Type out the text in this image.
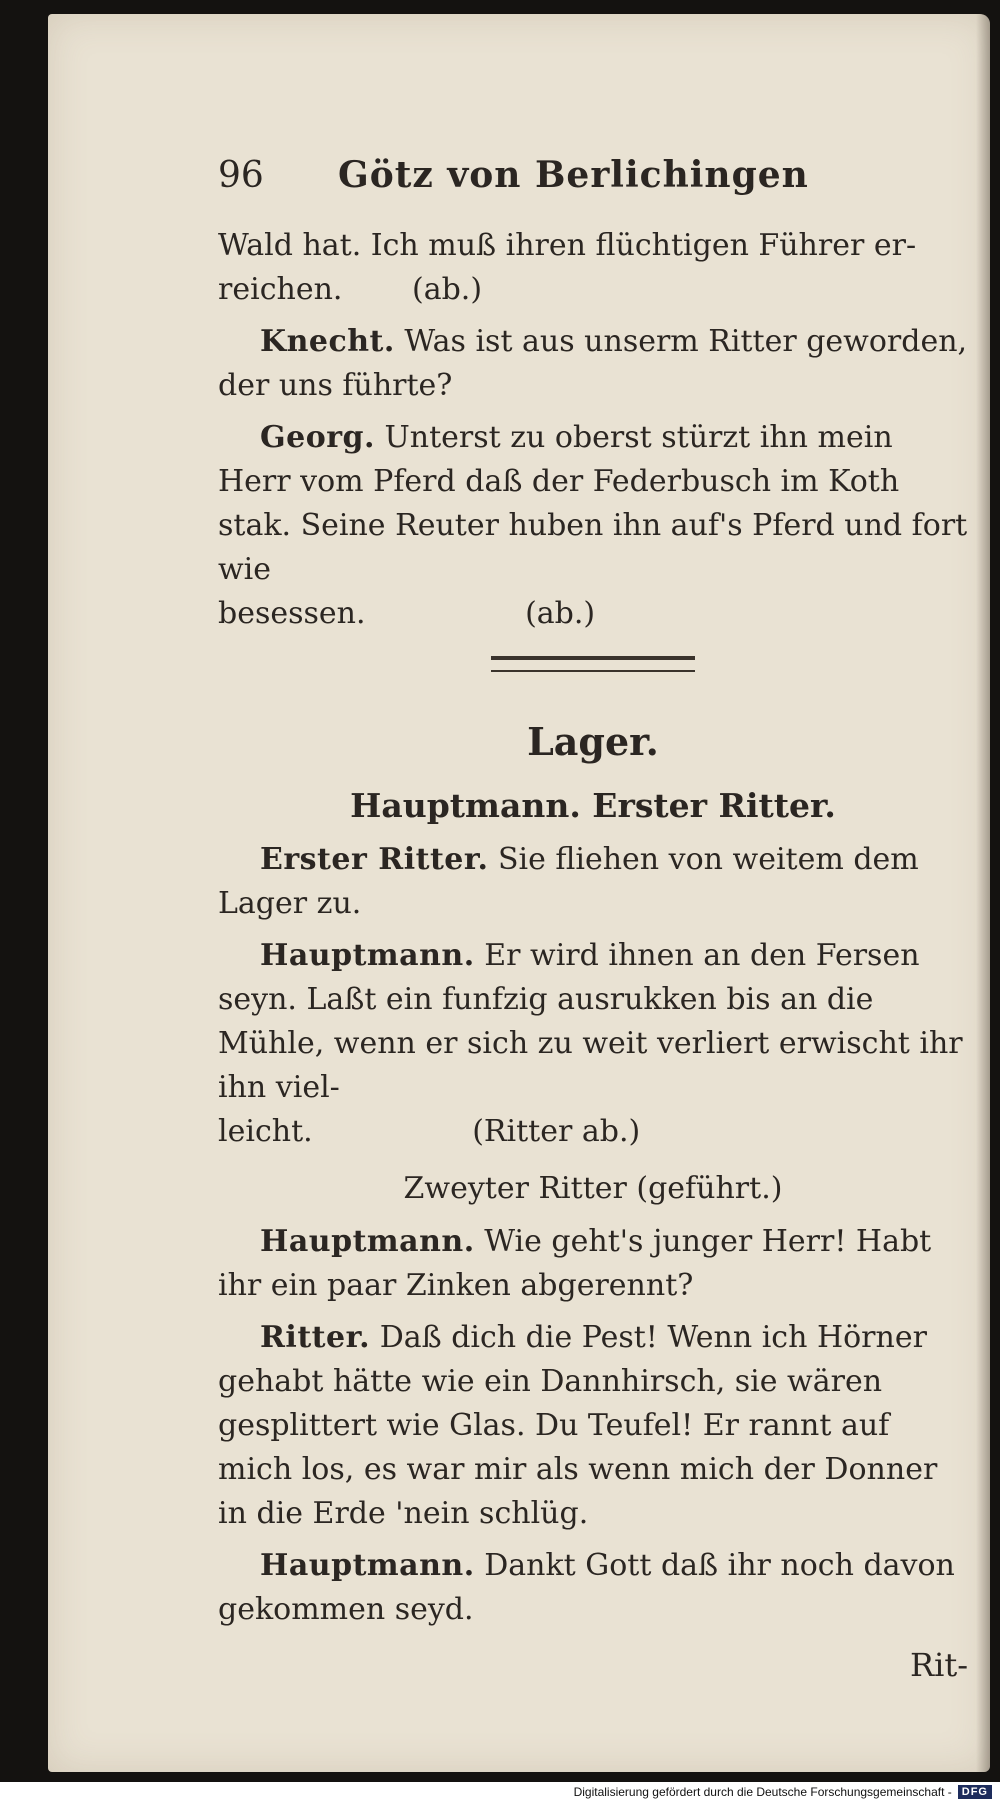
96	Götz von Berlichingen

Wald hat. Ich muß ihren flüchtigen Führer er-

reichen. (ab.)

Knecht. Was ist aus unserm Ritter geworden, der uns führte?

Georg. Unterst zu oberst stürzt ihn mein Herr vom Pferd daß der Federbusch im Koth stak. Seine Reuter huben ihn auf's Pferd und fort wie

besessen.	(ab.)

Lager.
Hauptmann. Erster Ritter.

Erster Ritter. Sie fliehen von weitem dem Lager zu.

Hauptmann. Er wird ihnen an den Fersen seyn. Laßt ein funfzig ausrukken bis an die Mühle, wenn er sich zu weit verliert erwischt ihr ihn viel-

leicht.	(Ritter ab.)

Zweyter Ritter (geführt.)

Hauptmann. Wie geht's junger Herr! Habt ihr ein paar Zinken abgerennt?

Ritter. Daß dich die Pest! Wenn ich Hörner gehabt hätte wie ein Dannhirsch, sie wären gesplittert wie Glas. Du Teufel! Er rannt auf mich los, es war mir als wenn mich der Donner in die Erde 'nein schlüg.

Hauptmann. Dankt Gott daß ihr noch davon gekommen seyd.

Rit-
Digitalisierung gefördert durch die Deutsche Forschungsgemeinschaft - DFG
